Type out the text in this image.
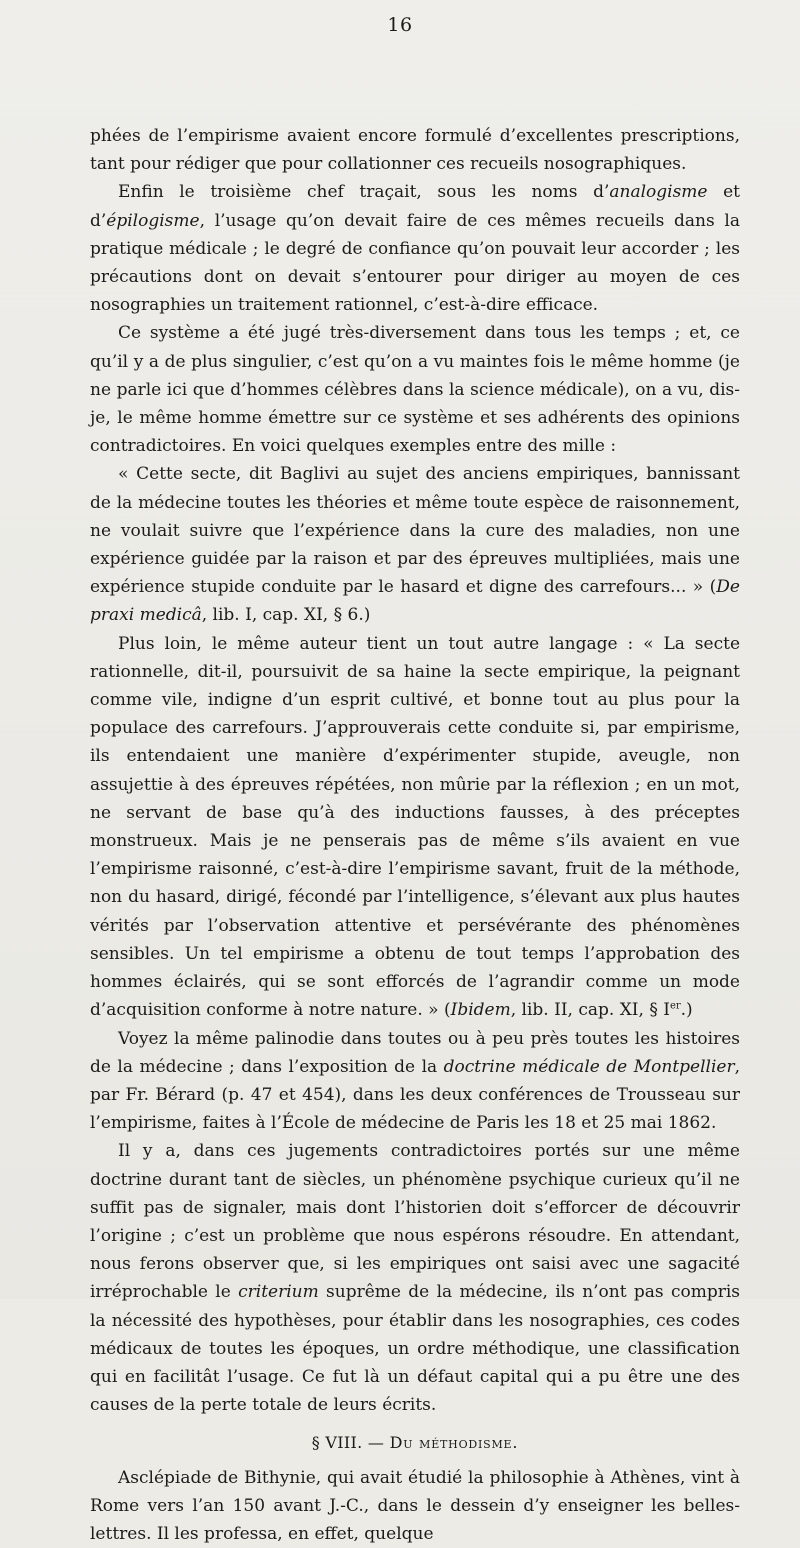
16

phées de l’empirisme avaient encore formulé d’excellentes prescriptions, tant pour rédiger que pour collationner ces recueils nosographiques.

Enfin le troisième chef traçait, sous les noms d’analogisme et d’épilogisme, l’usage qu’on devait faire de ces mêmes recueils dans la pratique médicale ; le degré de confiance qu’on pouvait leur accorder ; les précautions dont on devait s’entourer pour diriger au moyen de ces nosographies un traitement rationnel, c’est-à-dire efficace.

Ce système a été jugé très-diversement dans tous les temps ; et, ce qu’il y a de plus singulier, c’est qu’on a vu maintes fois le même homme (je ne parle ici que d’hommes célèbres dans la science médicale), on a vu, dis-je, le même homme émettre sur ce système et ses adhérents des opinions contradictoires. En voici quelques exemples entre des mille :

« Cette secte, dit Baglivi au sujet des anciens empiriques, bannissant de la médecine toutes les théories et même toute espèce de raisonnement, ne voulait suivre que l’expérience dans la cure des maladies, non une expérience guidée par la raison et par des épreuves multipliées, mais une expérience stupide conduite par le hasard et digne des carrefours... » (De praxi medicâ, lib. I, cap. XI, § 6.)

Plus loin, le même auteur tient un tout autre langage : « La secte rationnelle, dit-il, poursuivit de sa haine la secte empirique, la peignant comme vile, indigne d’un esprit cultivé, et bonne tout au plus pour la populace des carrefours. J’approuverais cette conduite si, par empirisme, ils entendaient une manière d’expérimenter stupide, aveugle, non assujettie à des épreuves répétées, non mûrie par la réflexion ; en un mot, ne servant de base qu’à des inductions fausses, à des préceptes monstrueux. Mais je ne penserais pas de même s’ils avaient en vue l’empirisme raisonné, c’est-à-dire l’empirisme savant, fruit de la méthode, non du hasard, dirigé, fécondé par l’intelligence, s’élevant aux plus hautes vérités par l’observation attentive et persévérante des phénomènes sensibles. Un tel empirisme a obtenu de tout temps l’approbation des hommes éclairés, qui se sont efforcés de l’agrandir comme un mode d’acquisition conforme à notre nature. » (Ibidem, lib. II, cap. XI, § Ier.)

Voyez la même palinodie dans toutes ou à peu près toutes les histoires de la médecine ; dans l’exposition de la doctrine médicale de Montpellier, par Fr. Bérard (p. 47 et 454), dans les deux conférences de Trousseau sur l’empirisme, faites à l’École de médecine de Paris les 18 et 25 mai 1862.

Il y a, dans ces jugements contradictoires portés sur une même doctrine durant tant de siècles, un phénomène psychique curieux qu’il ne suffit pas de signaler, mais dont l’historien doit s’efforcer de découvrir l’origine ; c’est un problème que nous espérons résoudre. En attendant, nous ferons observer que, si les empiriques ont saisi avec une sagacité irréprochable le criterium suprême de la médecine, ils n’ont pas compris la nécessité des hypothèses, pour établir dans les nosographies, ces codes médicaux de toutes les époques, un ordre méthodique, une classification qui en facilitât l’usage. Ce fut là un défaut capital qui a pu être une des causes de la perte totale de leurs écrits.

§ VIII. — Du méthodisme.

Asclépiade de Bithynie, qui avait étudié la philosophie à Athènes, vint à Rome vers l’an 150 avant J.-C., dans le dessein d’y enseigner les belles-lettres. Il les professa, en effet, quelque
